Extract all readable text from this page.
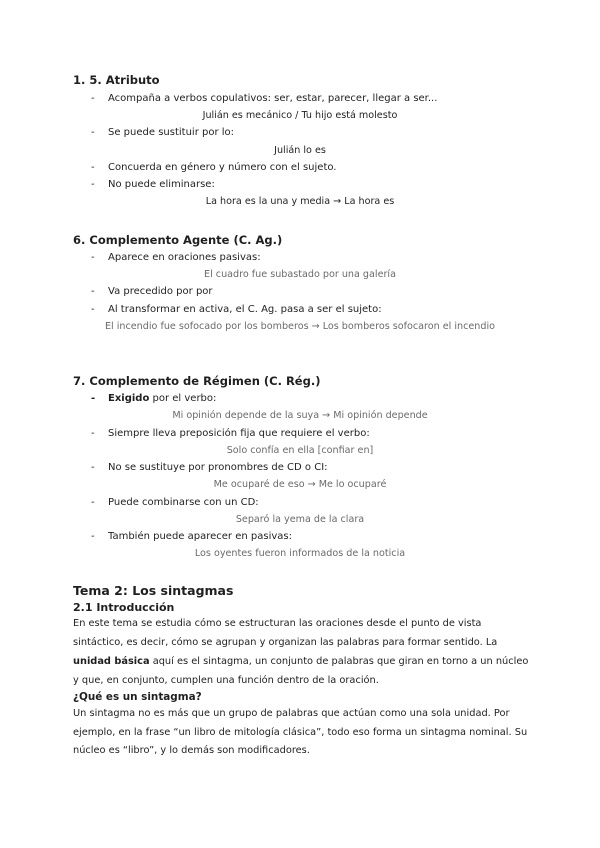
1. 5. Atributo
- Acompaña a verbos copulativos: ser, estar, parecer, llegar a ser...
Julián es mecánico / Tu hijo está molesto
- Se puede sustituir por lo:
Julián lo es
- Concuerda en género y número con el sujeto.
- No puede eliminarse:
La hora es la una y media → La hora es
6. Complemento Agente (C. Ag.)
- Aparece en oraciones pasivas:
El cuadro fue subastado por una galería
- Va precedido por por
- Al transformar en activa, el C. Ag. pasa a ser el sujeto:
El incendio fue sofocado por los bomberos → Los bomberos sofocaron el incendio
7. Complemento de Régimen (C. Rég.)
- Exigido por el verbo:
Mi opinión depende de la suya → Mi opinión depende
- Siempre lleva preposición fija que requiere el verbo:
Solo confía en ella [confiar en]
- No se sustituye por pronombres de CD o CI:
Me ocuparé de eso → Me lo ocuparé
- Puede combinarse con un CD:
Separó la yema de la clara
- También puede aparecer en pasivas:
Los oyentes fueron informados de la noticia
Tema 2: Los sintagmas
2.1 Introducción
En este tema se estudia cómo se estructuran las oraciones desde el punto de vista
sintáctico, es decir, cómo se agrupan y organizan las palabras para formar sentido. La
unidad básica aquí es el sintagma, un conjunto de palabras que giran en torno a un núcleo
y que, en conjunto, cumplen una función dentro de la oración.
¿Qué es un sintagma?
Un sintagma no es más que un grupo de palabras que actúan como una sola unidad. Por
ejemplo, en la frase “un libro de mitología clásica”, todo eso forma un sintagma nominal. Su
núcleo es “libro”, y lo demás son modificadores.
